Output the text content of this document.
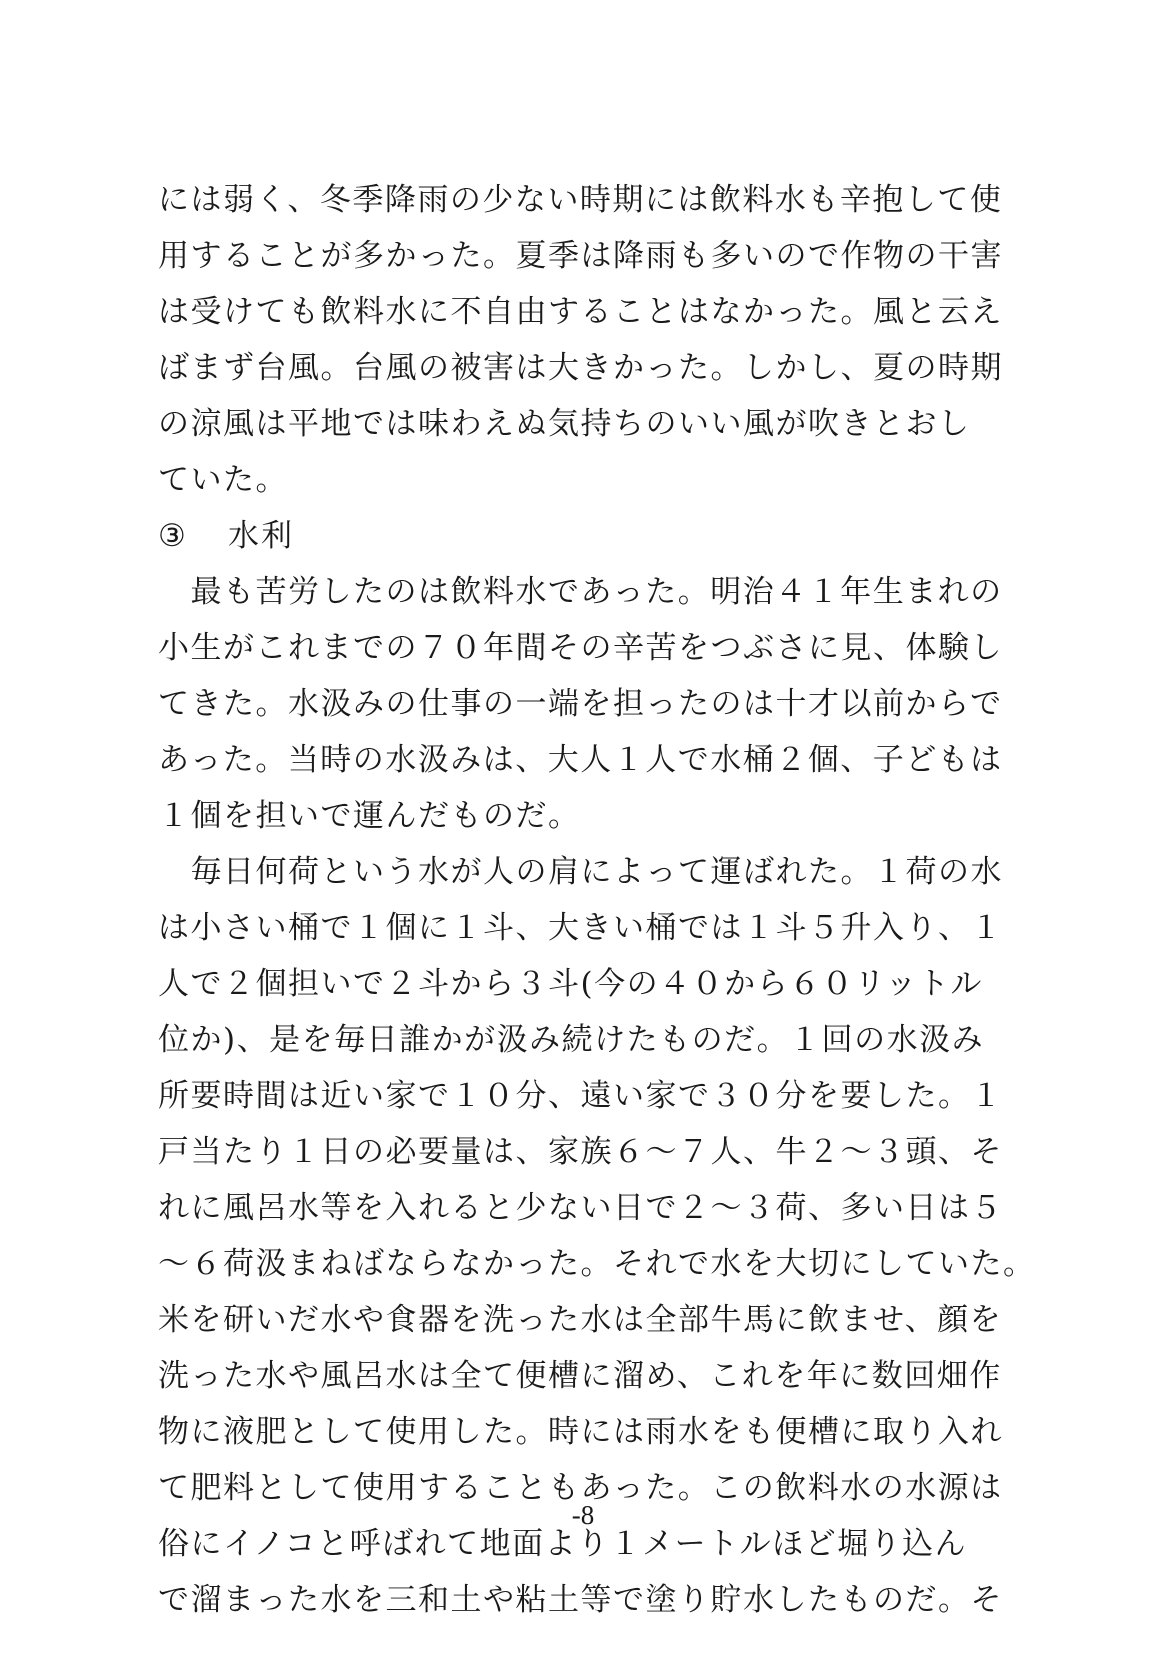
には弱く、冬季降雨の少ない時期には飲料水も辛抱して使
用することが多かった。夏季は降雨も多いので作物の干害
は受けても飲料水に不自由することはなかった。風と云え
ばまず台風。台風の被害は大きかった。しかし、夏の時期
の涼風は平地では味わえぬ気持ちのいい風が吹きとおし
ていた。
③ 水利
　最も苦労したのは飲料水であった。明治４１年生まれの
小生がこれまでの７０年間その辛苦をつぶさに見、体験し
てきた。水汲みの仕事の一端を担ったのは十才以前からで
あった。当時の水汲みは、大人１人で水桶２個、子どもは
１個を担いで運んだものだ。
　毎日何荷という水が人の肩によって運ばれた。１荷の水
は小さい桶で１個に１斗、大きい桶では１斗５升入り、１
人で２個担いで２斗から３斗(今の４０から６０リットル
位か)、是を毎日誰かが汲み続けたものだ。１回の水汲み
所要時間は近い家で１０分、遠い家で３０分を要した。１
戸当たり１日の必要量は、家族６～７人、牛２～３頭、そ
れに風呂水等を入れると少ない日で２～３荷、多い日は５
～６荷汲まねばならなかった。それで水を大切にしていた。
米を研いだ水や食器を洗った水は全部牛馬に飲ませ、顔を
洗った水や風呂水は全て便槽に溜め、これを年に数回畑作
物に液肥として使用した。時には雨水をも便槽に取り入れ
て肥料として使用することもあった。この飲料水の水源は
俗にイノコと呼ばれて地面より１メートルほど堀り込ん
で溜まった水を三和土や粘土等で塗り貯水したものだ。そ
-8
